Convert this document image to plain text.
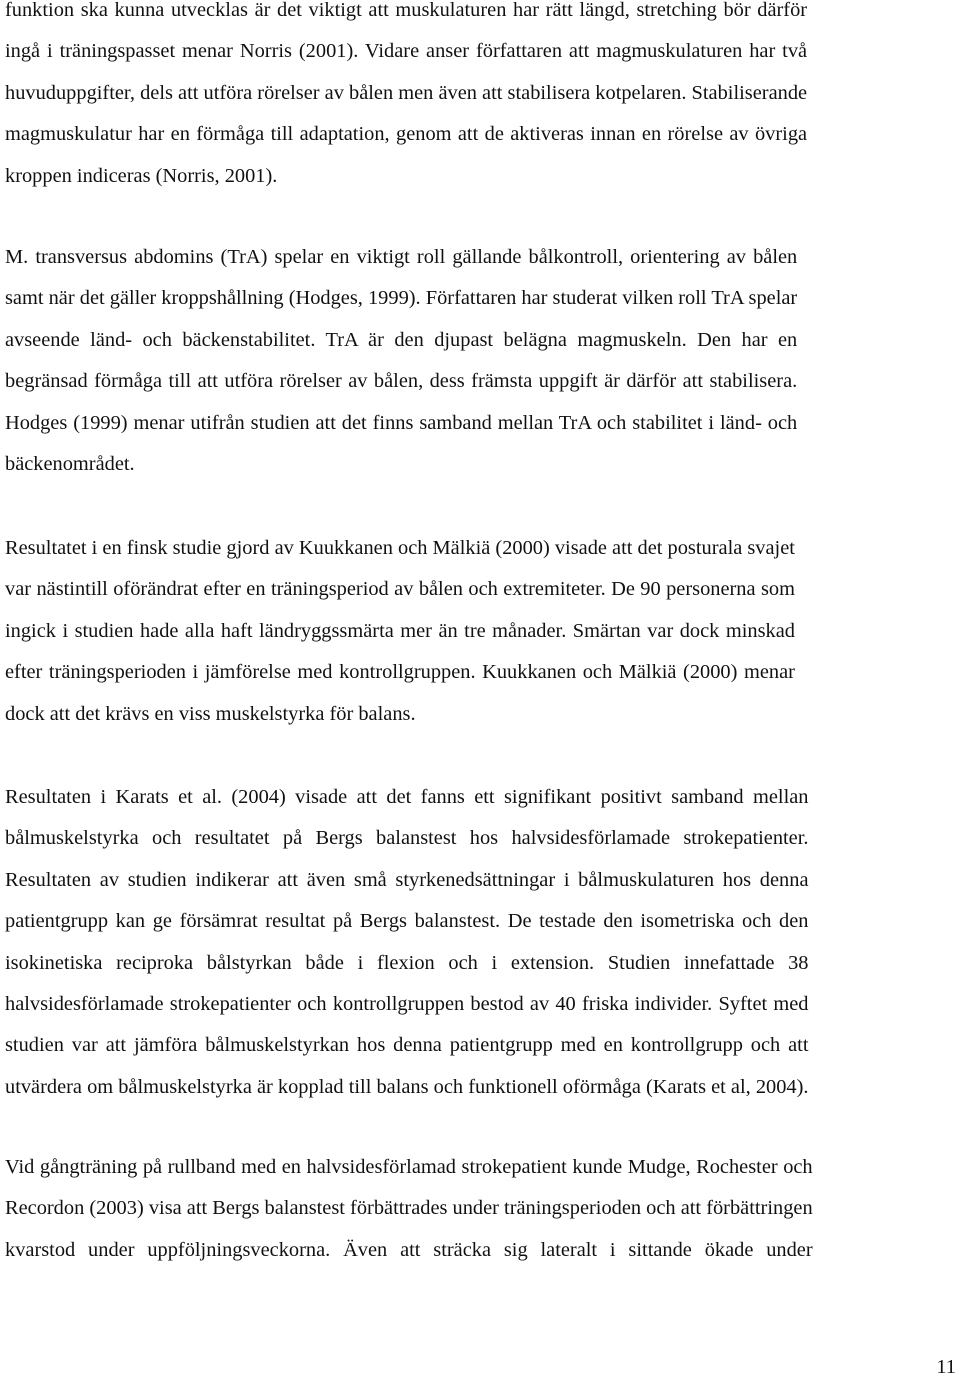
funktion ska kunna utvecklas är det viktigt att muskulaturen har rätt längd, stretching bör därför
ingå i träningspasset menar Norris (2001). Vidare anser författaren att magmuskulaturen har två
huvuduppgifter, dels att utföra rörelser av bålen men även att stabilisera kotpelaren. Stabiliserande
magmuskulatur har en förmåga till adaptation, genom att de aktiveras innan en rörelse av övriga
kroppen indiceras (Norris, 2001).
M. transversus abdomins (TrA) spelar en viktigt roll gällande bålkontroll, orientering av bålen
samt när det gäller kroppshållning (Hodges, 1999). Författaren har studerat vilken roll TrA spelar
avseende länd- och bäckenstabilitet. TrA är den djupast belägna magmuskeln. Den har en
begränsad förmåga till att utföra rörelser av bålen, dess främsta uppgift är därför att stabilisera.
Hodges (1999) menar utifrån studien att det finns samband mellan TrA och stabilitet i länd- och
bäckenområdet.
Resultatet i en finsk studie gjord av Kuukkanen och Mälkiä (2000) visade att det posturala svajet
var nästintill oförändrat efter en träningsperiod av bålen och extremiteter. De 90 personerna som
ingick i studien hade alla haft ländryggssmärta mer än tre månader. Smärtan var dock minskad
efter träningsperioden i jämförelse med kontrollgruppen. Kuukkanen och Mälkiä (2000) menar
dock att det krävs en viss muskelstyrka för balans.
Resultaten i Karats et al. (2004) visade att det fanns ett signifikant positivt samband mellan
bålmuskelstyrka och resultatet på Bergs balanstest hos halvsidesförlamade strokepatienter.
Resultaten av studien indikerar att även små styrkenedsättningar i bålmuskulaturen hos denna
patientgrupp kan ge försämrat resultat på Bergs balanstest. De testade den isometriska och den
isokinetiska reciproka bålstyrkan både i flexion och i extension. Studien innefattade 38
halvsidesförlamade strokepatienter och kontrollgruppen bestod av 40 friska individer. Syftet med
studien var att jämföra bålmuskelstyrkan hos denna patientgrupp med en kontrollgrupp och att
utvärdera om bålmuskelstyrka är kopplad till balans och funktionell oförmåga (Karats et al, 2004).
Vid gångträning på rullband med en halvsidesförlamad strokepatient kunde Mudge, Rochester och
Recordon (2003) visa att Bergs balanstest förbättrades under träningsperioden och att förbättringen
kvarstod under uppföljningsveckorna. Även att sträcka sig lateralt i sittande ökade under
11
